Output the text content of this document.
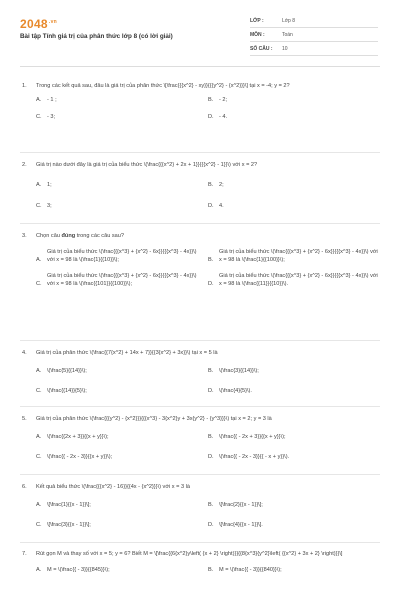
$2048^{.vn}$
Bài tập Tính giá trị của phân thức lớp 8 (có lời giải)
LỚP :	Lớp 8
MÔN :	Toán
SỐ CÂU :	10
1.	Trong các kết quả sau, đâu là giá trị của phân thức \[\frac{{{x^2} - xy}}{{{y^2} - {x^2}}}\] tại x = -4; y = 2?
A.	- 1 ;	B.	- 2;
C. - 3;	D. - 4.
2.	Giá trị nào dưới đây là giá trị của biểu thức \(\frac{{{x^2} + 2x + 1}}{{{x^2} - 1}}\) với x = 2?
A.	1;	B.	2;
C. 3;	D. 4.
3.	Chọn câu đúng trong các câu sau?
A.
Giá trị của biểu thức \(\frac{{{x^3} + {x^2} - 6x}}{{{x^3} - 4x}}\) với x = 98 là \(\frac{1}{{10}}\);	B.
Giá trị của biểu thức \(\frac{{{x^3} + {x^2} - 6x}}{{{x^3} - 4x}}\) với x = 98 là \(\frac{1}{{100}}\);
C.
Giá trị của biểu thức \(\frac{{{x^3} + {x^2} - 6x}}{{{x^3} - 4x}}\) với x = 98 là \(\frac{{101}}{{100}}\);	D.
Giá trị của biểu thức \(\frac{{{x^3} + {x^2} - 6x}}{{{x^3} - 4x}}\) với x = 98 là \(\frac{{11}}{{10}}\).
4.	Giá trị của phân thức \(\frac{{7{x^2} + 14x + 7}}{{3{x^2} + 3x}}\) tại x = 5 là
A.	\(\frac{5}{{14}}\);	B.	\(\frac{3}{{14}}\);
C. \(\frac{{14}}{5}\);	D. \(\frac{4}{5}\).
5.	Giá trị của phân thức \(\frac{{{y^2} - {x^2}}}{{{x^3} - 3{x^2}y + 3x{y^2} - {y^3}}}\) tại x = 2; y = 3 là
A.	\(\frac{{2x + 3}}{{x + y}}\);	B.	\(\frac{{ - 2x + 3}}{{x + y}}\);
C. \(\frac{{ - 2x - 3}}{{x + y}}\);	D. \(\frac{{ - 2x - 3}}{{ - x + y}}\).
6.	Kết quả biểu thức \(\frac{{{x^2} - 16}}{{4x - {x^2}}}\) với x = 3 là
A.	\[\frac{1}{{x - 1}}\];	B.	\[\frac{2}{{x - 1}}\];
C. \[\frac{3}{{x - 1}}\];	D. \[\frac{4}{{x - 1}}\].
7.	Rút gọn M và thay số với x = 5; y = 6? Biết M = \[\frac{{6{x^2}y\left( {x + 2} \right)}}{{8{x^3}{y^2}\left( {{x^2} + 3x + 2} \right)}}\]
A.	M = \(\frac{{ - 3}}{{845}}\);	B.	M = \(\frac{{ - 3}}{{840}}\);
